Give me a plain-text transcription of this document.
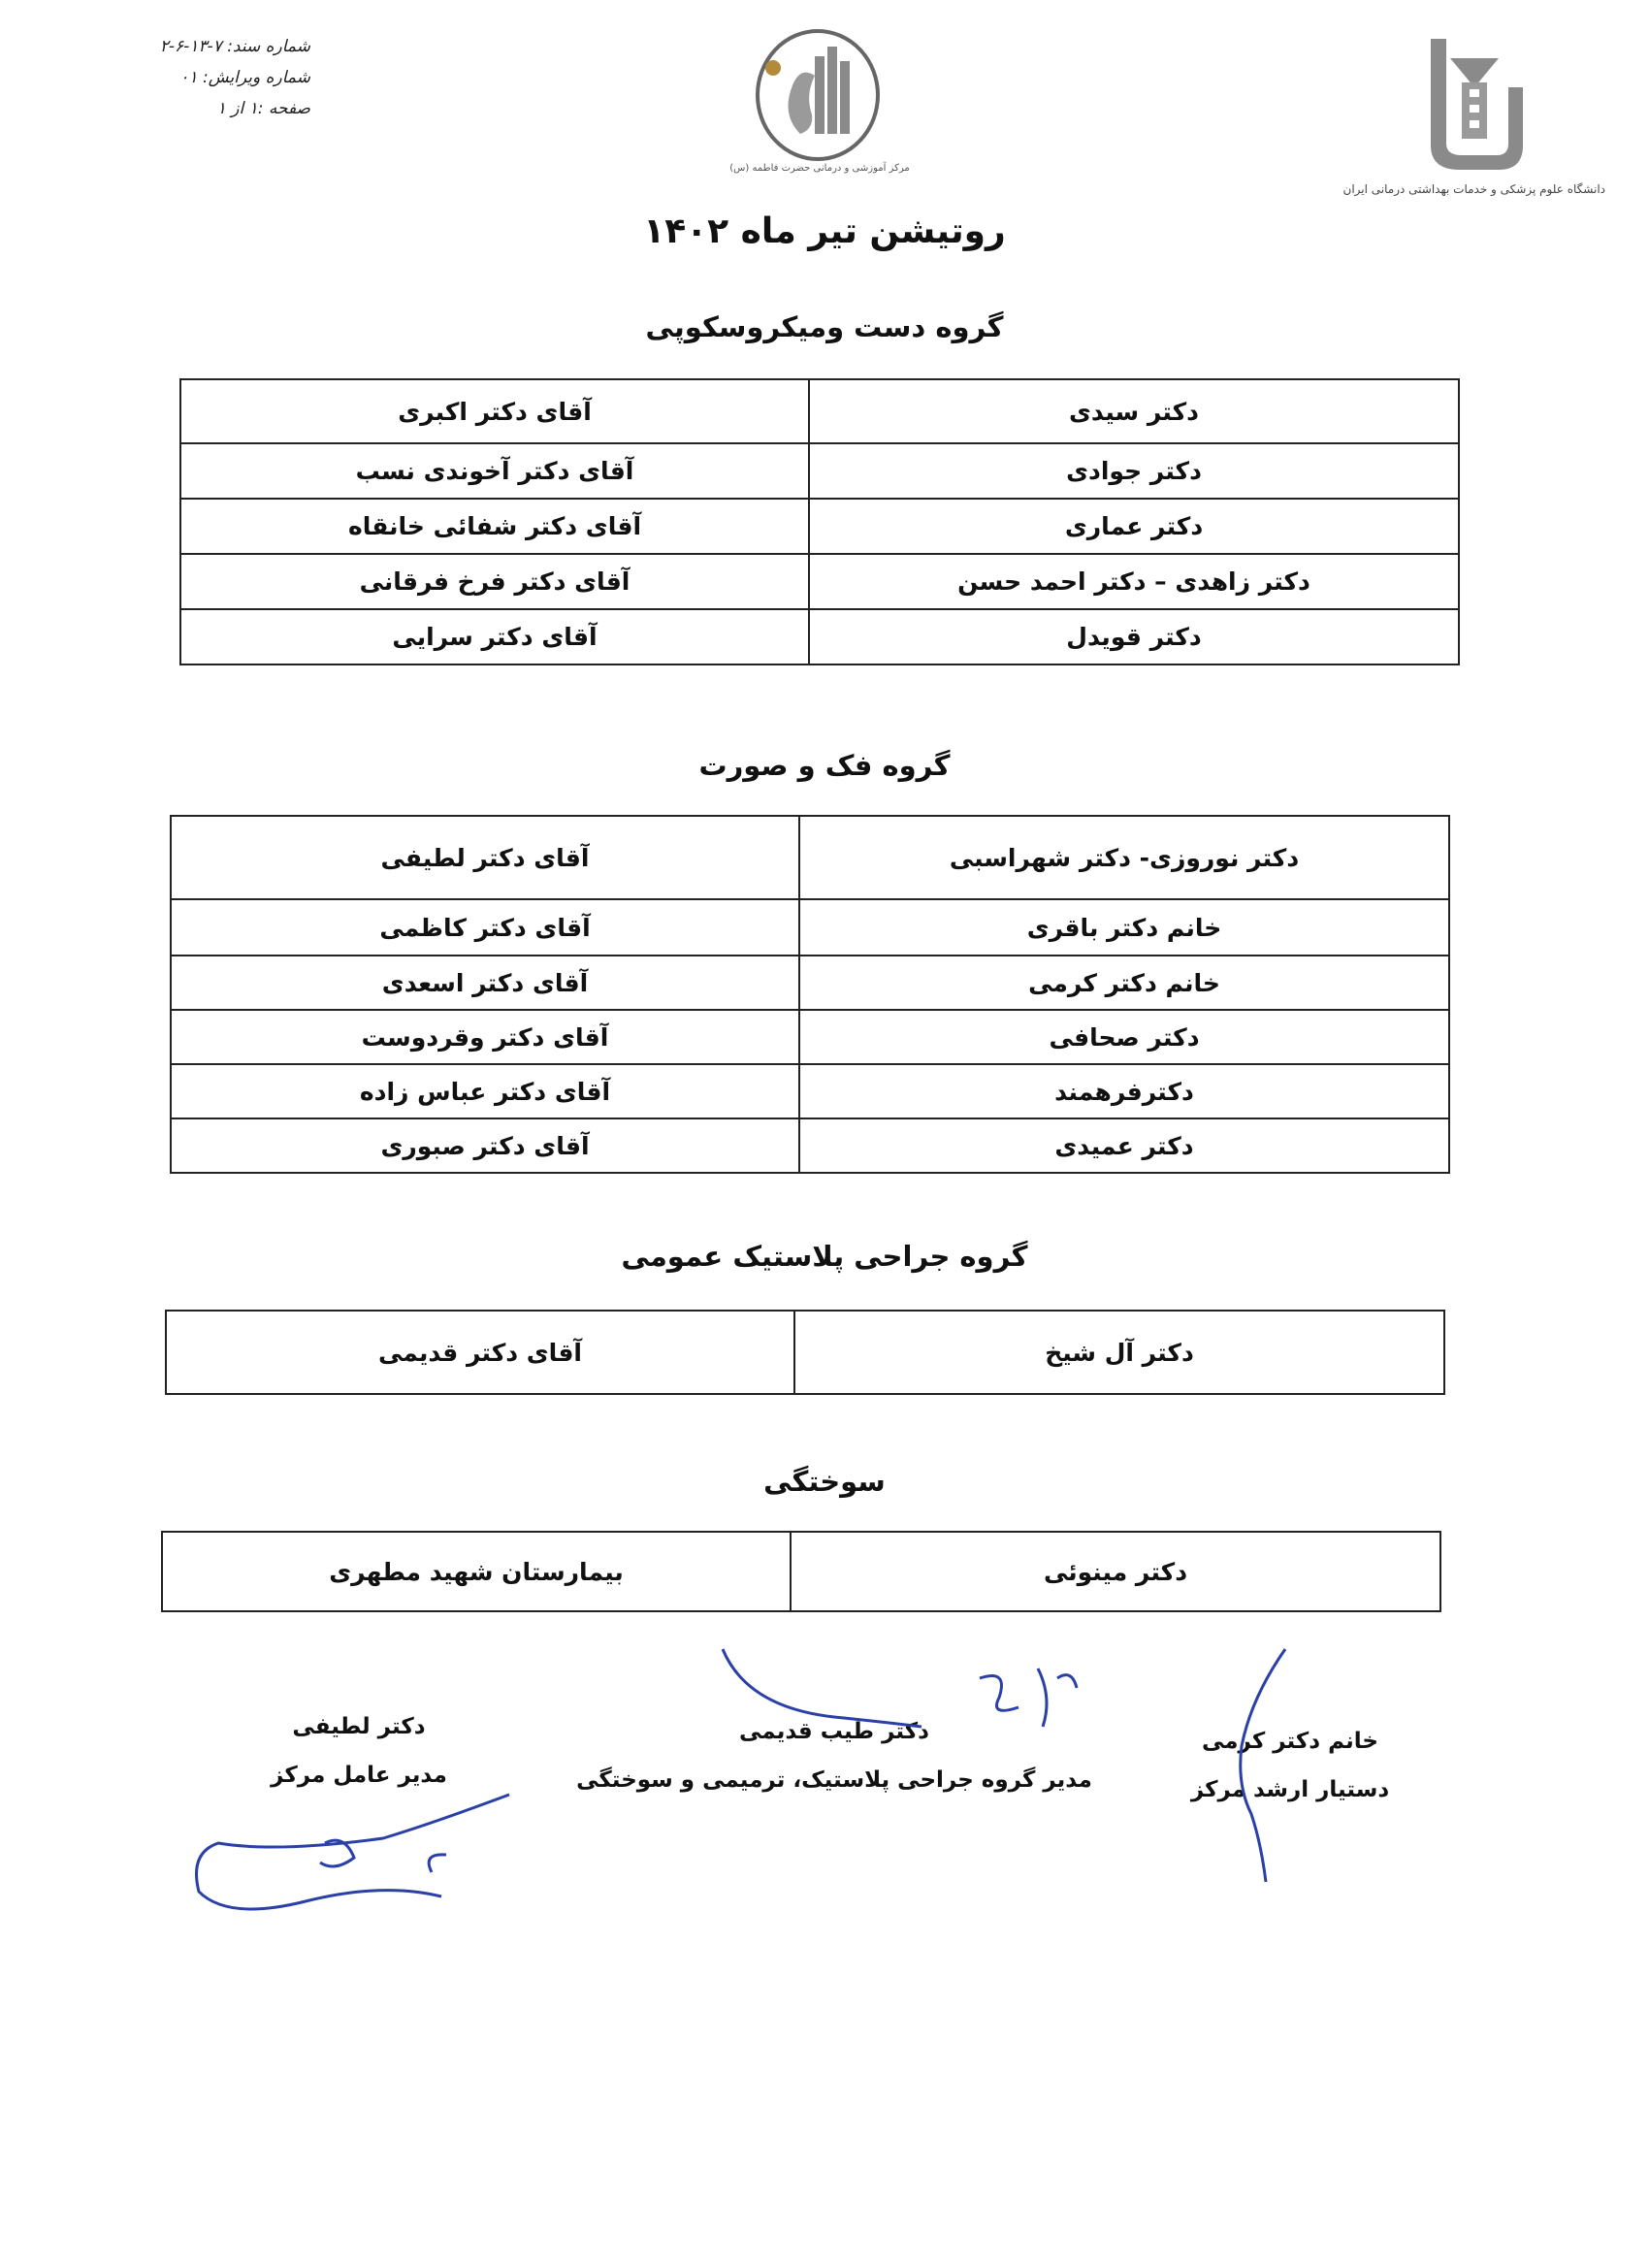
شماره سند: ۷-۱۳-۶-۲
شماره ویرایش: ۰۱
صفحه :۱ از ۱
مرکز آموزشی و درمانی حضرت فاطمه (س)
دانشگاه علوم پزشکی و خدمات بهداشتی درمانی ایران
روتیشن تیر ماه ۱۴۰۲
گروه دست ومیکروسکوپی
دکتر سیدی	آقای دکتر اکبری
دکتر جوادی	آقای دکتر آخوندی نسب
دکتر عماری	آقای دکتر شفائی خانقاه
دکتر زاهدی – دکتر احمد حسن	آقای دکتر فرخ فرقانی
دکتر قویدل	آقای دکتر سرایی
گروه فک و صورت
دکتر نوروزی- دکتر شهراسبی	آقای دکتر لطیفی
خانم دکتر باقری	آقای دکتر کاظمی
خانم دکتر کرمی	آقای دکتر اسعدی
دکتر صحافی	آقای دکتر وقردوست
دکترفرهمند	آقای دکتر عباس زاده
دکتر عمیدی	آقای دکتر صبوری
گروه جراحی پلاستیک عمومی
دکتر آل شیخ	آقای دکتر قدیمی
سوختگی
دکتر مینوئی	بیمارستان شهید مطهری
خانم دکتر کرمی
دستیار ارشد مرکز
دکتر طیب قدیمی
مدیر گروه جراحی پلاستیک، ترمیمی و سوختگی
دکتر لطیفی
مدیر عامل مرکز
